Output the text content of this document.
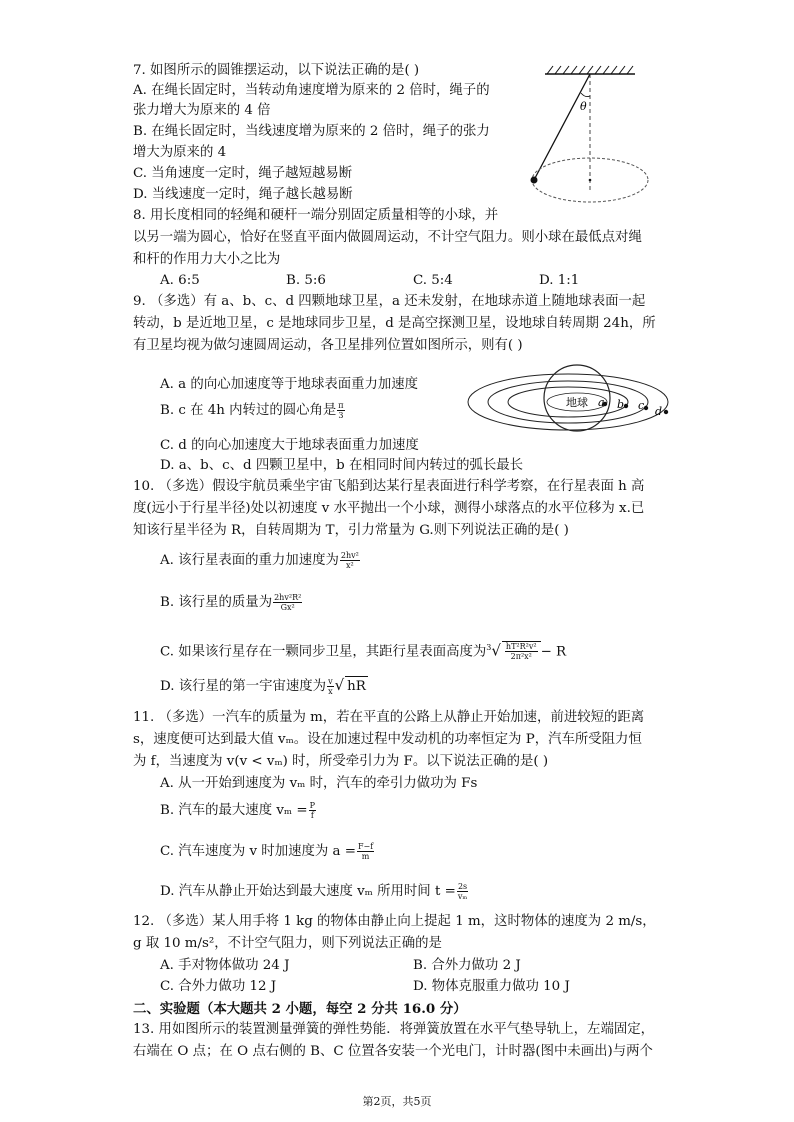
7. 如图所示的圆锥摆运动，以下说法正确的是( )
A. 在绳长固定时，当转动角速度增为原来的 2 倍时，绳子的
张力增大为原来的 4 倍
B. 在绳长固定时，当线速度增为原来的 2 倍时，绳子的张力
增大为原来的 4
C. 当角速度一定时，绳子越短越易断
D. 当线速度一定时，绳子越长越易断
θ
8. 用长度相同的轻绳和硬杆一端分别固定质量相等的小球，并
以另一端为圆心，恰好在竖直平面内做圆周运动，不计空气阻力。则小球在最低点对绳
和杆的作用力大小之比为
A. 6:5	B. 5:6	C. 5:4	D. 1:1
9. （多选）有 a、b、c、d 四颗地球卫星，a 还未发射，在地球赤道上随地球表面一起
转动，b 是近地卫星，c 是地球同步卫星，d 是高空探测卫星，设地球自转周期 24h，所
有卫星均视为做匀速圆周运动，各卫星排列位置如图所示，则有( )
A. a 的向心加速度等于地球表面重力加速度
B. c 在 4h 内转过的圆心角是 $\frac{\pi}{3}$
C. d 的向心加速度大于地球表面重力加速度
D. a、b、c、d 四颗卫星中，b 在相同时间内转过的弧长最长
地球 a b c d
10. （多选）假设宇航员乘坐宇宙飞船到达某行星表面进行科学考察，在行星表面 h 高
度(远小于行星半径)处以初速度 v 水平抛出一个小球，测得小球落点的水平位移为 x.已
知该行星半径为 R，自转周期为 T，引力常量为 G.则下列说法正确的是( )
A. 该行星表面的重力加速度为 $\frac{\text{2hv²}}{\text{x²}}$
B. 该行星的质量为 $\frac{\text{2hv²R²}}{\text{Gx²}}$
C. 如果该行星存在一颗同步卫星，其距行星表面高度为$^3√ \frac{\text{hT²R²v²}}{\text{2π²x²}} - R$
D. 该行星的第一宇宙速度为 $\frac{v}{x}$ √ hR
11. （多选）一汽车的质量为 m，若在平直的公路上从静止开始加速，前进较短的距离
s，速度便可达到最大值 vₘ。设在加速过程中发动机的功率恒定为 P，汽车所受阻力恒
为 f，当速度为 v(v < vₘ) 时，所受牵引力为 F。以下说法正确的是( )
A. 从一开始到速度为 vₘ 时，汽车的牵引力做功为 Fs
B. 汽车的最大速度 $v_m = \frac{P}{f}$
C. 汽车速度为 v 时加速度为 $a = \frac{F-f}{m}$
D. 汽车从静止开始达到最大速度 vₘ 所用时间 $t = \frac{2s}{\text{vₘ}}$
12. （多选）某人用手将 1 kg 的物体由静止向上提起 1 m，这时物体的速度为 2 m/s，
g 取 10 m/s²，不计空气阻力，则下列说法正确的是
A. 手对物体做功 24 J	B. 合外力做功 2 J
C. 合外力做功 12 J	D. 物体克服重力做功 10 J
二、实验题（本大题共 2 小题，每空 2 分共 16.0 分）
13. 用如图所示的装置测量弹簧的弹性势能．将弹簧放置在水平气垫导轨上，左端固定，
右端在 O 点；在 O 点右侧的 B、C 位置各安装一个光电门，计时器(图中未画出)与两个
第2页，共5页
